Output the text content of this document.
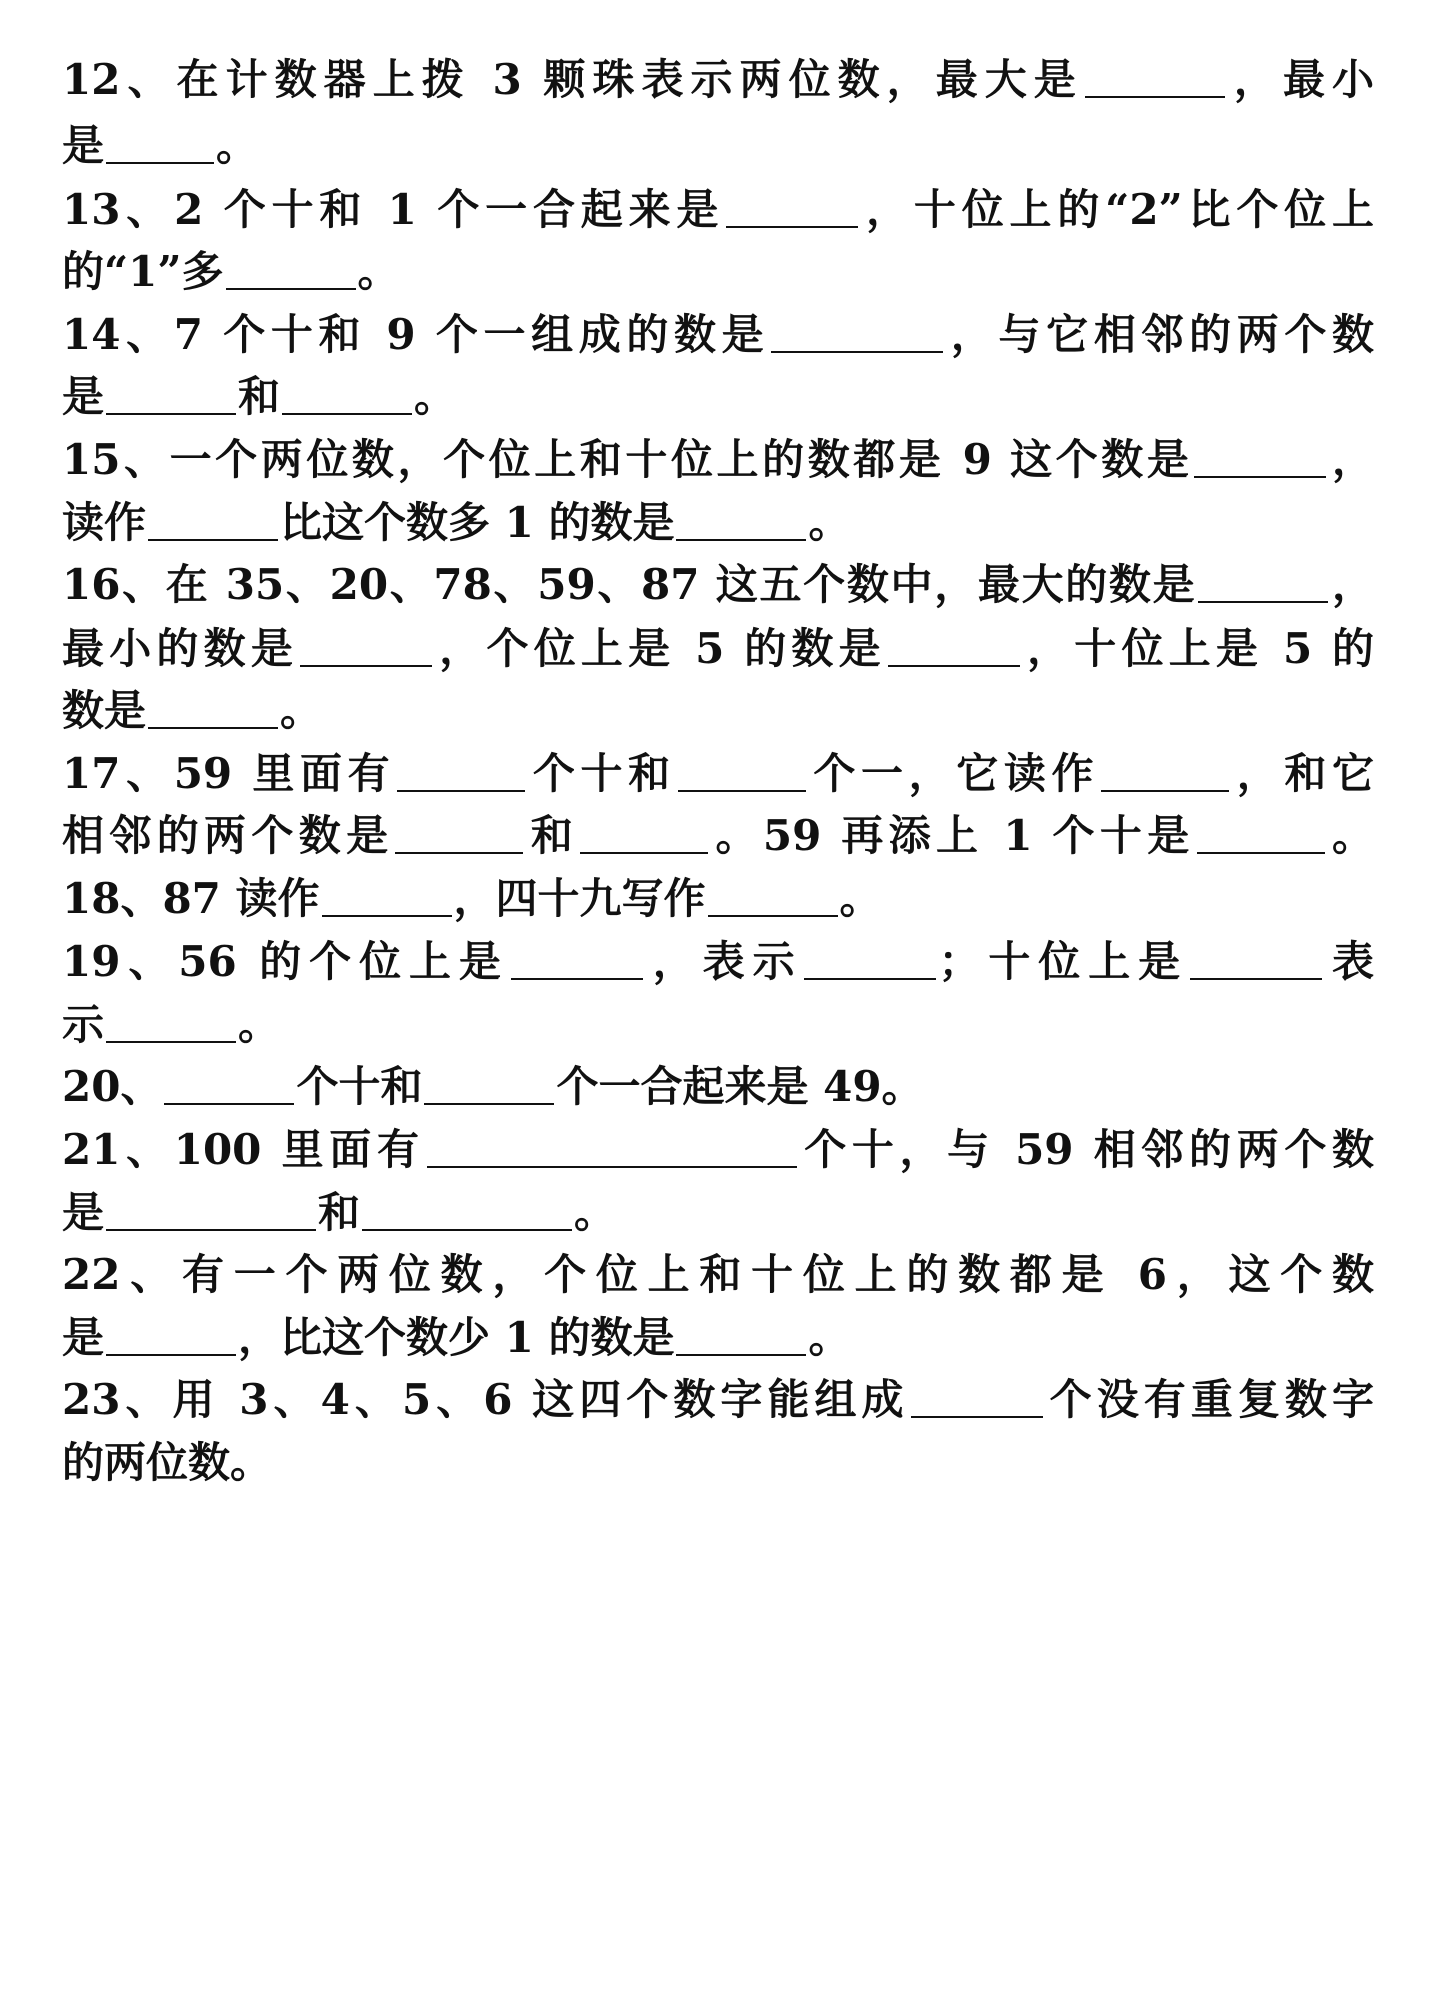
12、在计数器上拨 3 颗珠表示两位数，最大是	，最小
是	。
13、2 个十和 1 个一合起来是	，十位上的“2”比个位上
的“1”多	。
14、7 个十和 9 个一组成的数是	，与它相邻的两个数
是	和	。
15、一个两位数，个位上和十位上的数都是 9 这个数是	，
读作	比这个数多 1 的数是	。
16、在 35、20、78、59、87 这五个数中，最大的数是	，
最小的数是	，个位上是 5 的数是	，十位上是 5 的
数是	。
17、59 里面有	个十和	个一，它读作	，和它
相邻的两个数是	和	。59 再添上 1 个十是	。
18、87 读作	，四十九写作	。
19、56 的个位上是	，表示	；十位上是	表
示	。
20、	个十和	个一合起来是 49。
21、100 里面有	个十，与 59 相邻的两个数
是	和	。
22、有一个两位数，个位上和十位上的数都是 6，这个数
是	，比这个数少 1 的数是	。
23、用 3、4、5、6 这四个数字能组成	个没有重复数字
的两位数。
